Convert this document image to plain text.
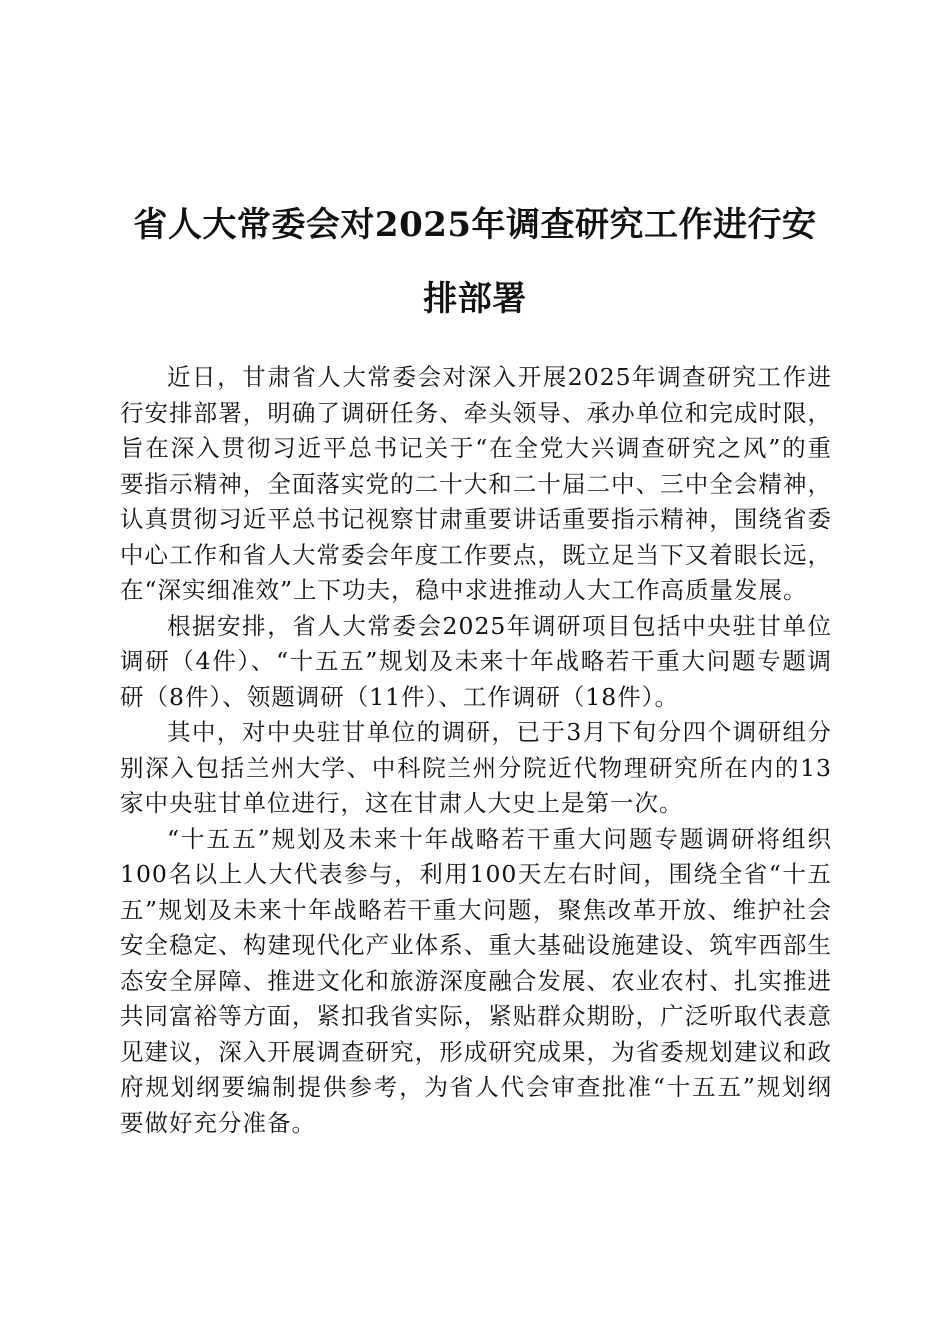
省人大常委会对2025年调查研究工作进行安排部署

近日，甘肃省人大常委会对深入开展2025年调查研究工作进行安排部署，明确了调研任务、牵头领导、承办单位和完成时限，旨在深入贯彻习近平总书记关于“在全党大兴调查研究之风”的重要指示精神，全面落实党的二十大和二十届二中、三中全会精神，认真贯彻习近平总书记视察甘肃重要讲话重要指示精神，围绕省委中心工作和省人大常委会年度工作要点，既立足当下又着眼长远，在“深实细准效”上下功夫，稳中求进推动人大工作高质量发展。

根据安排，省人大常委会2025年调研项目包括中央驻甘单位调研（4件）、“十五五”规划及未来十年战略若干重大问题专题调研（8件）、领题调研（11件）、工作调研（18件）。

其中，对中央驻甘单位的调研，已于3月下旬分四个调研组分别深入包括兰州大学、中科院兰州分院近代物理研究所在内的13家中央驻甘单位进行，这在甘肃人大史上是第一次。

“十五五”规划及未来十年战略若干重大问题专题调研将组织100名以上人大代表参与，利用100天左右时间，围绕全省“十五五”规划及未来十年战略若干重大问题，聚焦改革开放、维护社会安全稳定、构建现代化产业体系、重大基础设施建设、筑牢西部生态安全屏障、推进文化和旅游深度融合发展、农业农村、扎实推进共同富裕等方面，紧扣我省实际，紧贴群众期盼，广泛听取代表意见建议，深入开展调查研究，形成研究成果，为省委规划建议和政府规划纲要编制提供参考，为省人代会审查批准“十五五”规划纲要做好充分准备。
